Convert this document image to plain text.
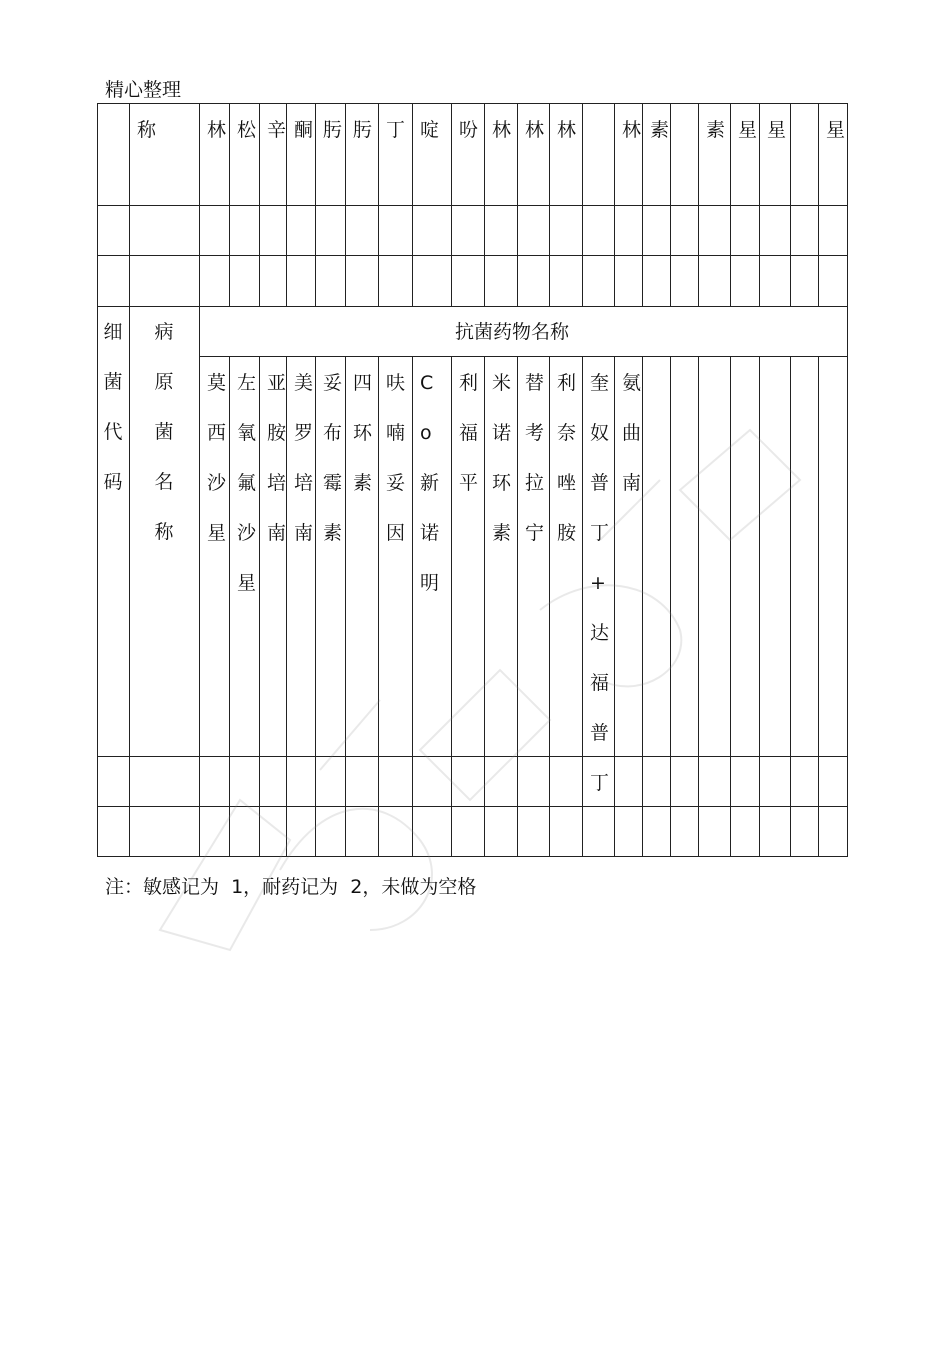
精心整理
称	林 松 辛 酮 肟 肟 丁 啶 吩 林 林 林 林 素 素 星 星 星
抗菌药物名称
细
菌
代
码
病
原
菌
名
称
莫
西
沙
星
左
氧
氟
沙
星
亚
胺
培
南
美
罗
培
南
妥
布
霉
素
四
环
素
呋
喃
妥
因
C
o
新
诺
明
利
福
平
米
诺
环
素
替
考
拉
宁
利
奈
唑
胺
奎
奴
普
丁 +
达
福
普
丁
氨
曲
南
注：敏感记为  1，耐药记为  2，未做为空格
